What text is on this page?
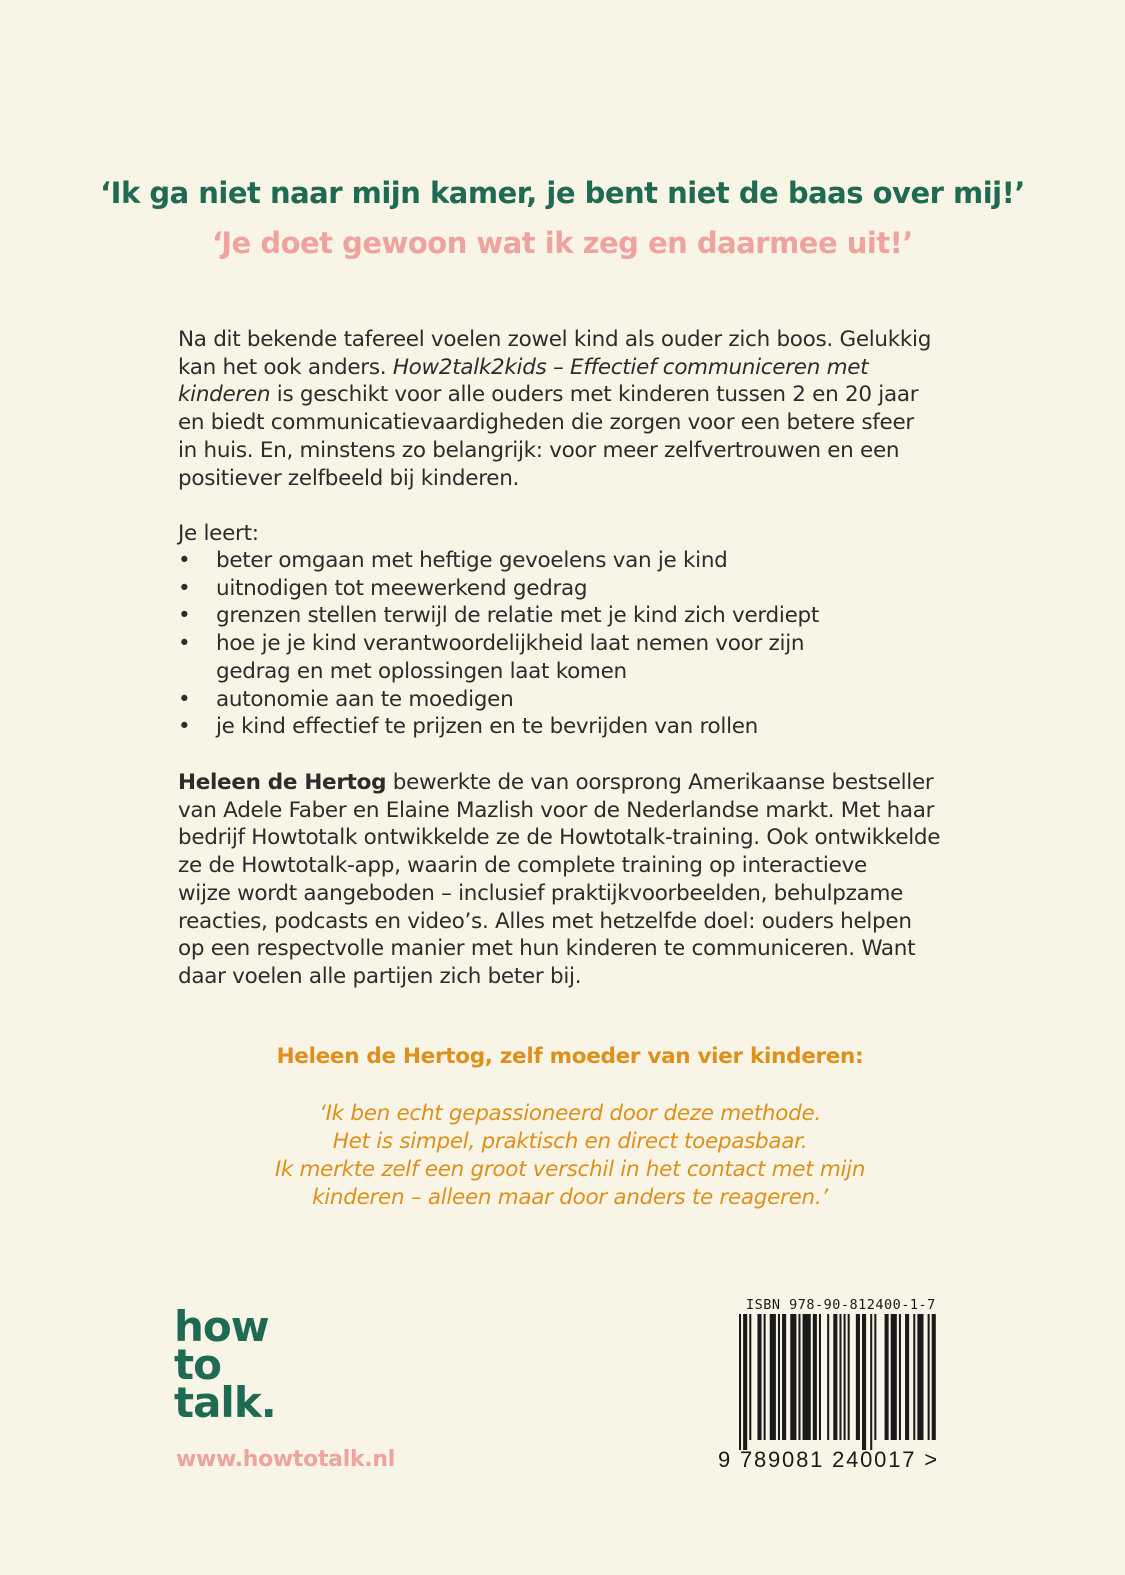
‘Ik ga niet naar mijn kamer, je bent niet de baas over mij!’
‘Je doet gewoon wat ik zeg en daarmee uit!’
Na dit bekende tafereel voelen zowel kind als ouder zich boos. Gelukkig
kan het ook anders. How2talk2kids – Effectief communiceren met
kinderen is geschikt voor alle ouders met kinderen tussen 2 en 20 jaar
en biedt communicatievaardigheden die zorgen voor een betere sfeer
in huis. En, minstens zo belangrijk: voor meer zelfvertrouwen en een
positiever zelfbeeld bij kinderen.
Je leert:
• beter omgaan met heftige gevoelens van je kind
• uitnodigen tot meewerkend gedrag
• grenzen stellen terwijl de relatie met je kind zich verdiept
• hoe je je kind verantwoordelijkheid laat nemen voor zijn
gedrag en met oplossingen laat komen
• autonomie aan te moedigen
• je kind effectief te prijzen en te bevrijden van rollen
Heleen de Hertog bewerkte de van oorsprong Amerikaanse bestseller
van Adele Faber en Elaine Mazlish voor de Nederlandse markt. Met haar
bedrijf Howtotalk ontwikkelde ze de Howtotalk-training. Ook ontwikkelde
ze de Howtotalk-app, waarin de complete training op interactieve
wijze wordt aangeboden – inclusief praktijkvoorbeelden, behulpzame
reacties, podcasts en video’s. Alles met hetzelfde doel: ouders helpen
op een respectvolle manier met hun kinderen te communiceren. Want
daar voelen alle partijen zich beter bij.
Heleen de Hertog, zelf moeder van vier kinderen:
‘Ik ben echt gepassioneerd door deze methode.
Het is simpel, praktisch en direct toepasbaar.
Ik merkte zelf een groot verschil in het contact met mijn
kinderen – alleen maar door anders te reageren.’
how
to
talk.
www.howtotalk.nl
ISBN 978-90-812400-1-7
9 789081 240017 >
